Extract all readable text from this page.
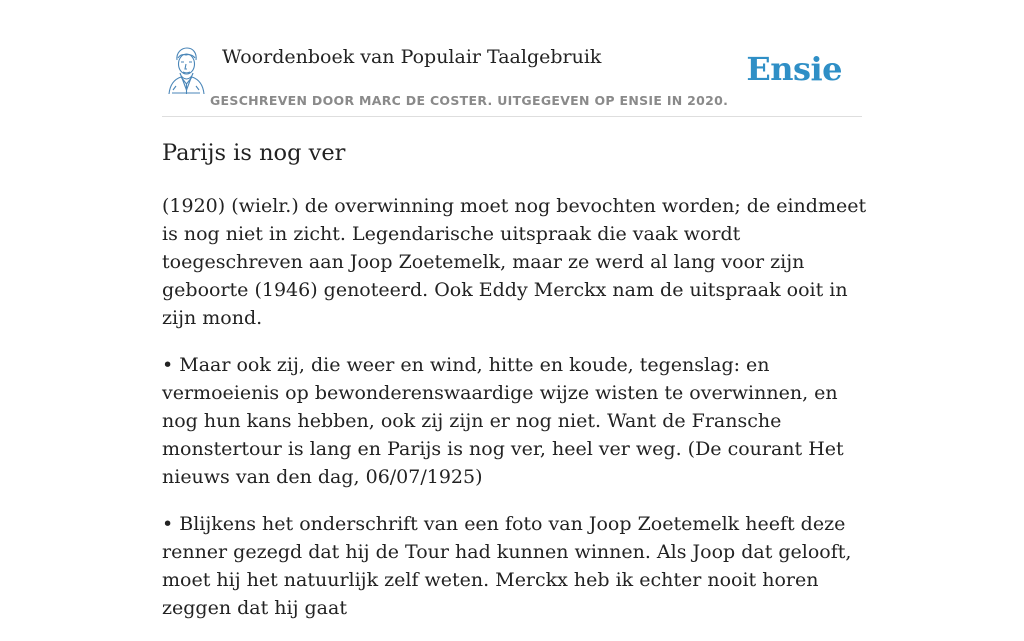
Woordenboek van Populair Taalgebruik
GESCHREVEN DOOR MARC DE COSTER. UITGEGEVEN OP ENSIE IN 2020.
Ensie
Parijs is nog ver

(1920) (wielr.) de overwinning moet nog bevochten worden; de eindmeet is nog niet in zicht. Legendarische uitspraak die vaak wordt toegeschreven aan Joop Zoetemelk, maar ze werd al lang voor zijn geboorte (1946) genoteerd. Ook Eddy Merckx nam de uitspraak ooit in zijn mond.

• Maar ook zij, die weer en wind, hitte en koude, tegenslag: en vermoeienis op bewonderenswaardige wijze wisten te overwinnen, en nog hun kans hebben, ook zij zijn er nog niet. Want de Fransche monstertour is lang en Parijs is nog ver, heel ver weg. (De courant Het nieuws van den dag, 06/07/1925)

• Blijkens het onderschrift van een foto van Joop Zoetemelk heeft deze renner gezegd dat hij de Tour had kunnen winnen. Als Joop dat gelooft, moet hij het natuurlijk zelf weten. Merckx heb ik echter nooit horen zeggen dat hij gaat
